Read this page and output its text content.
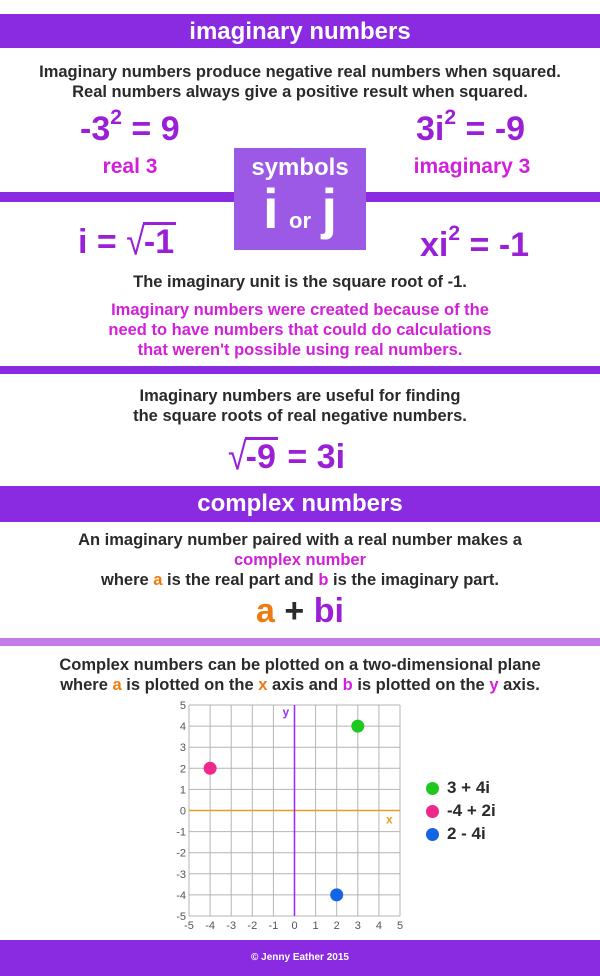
imaginary numbers
Imaginary numbers produce negative real numbers when squared.
Real numbers always give a positive result when squared.
$-3^2 = 9$
real 3
$3i^2 = -9$
imaginary 3
symbols
i or j
i = √-1	$xi^2 = -1$
The imaginary unit is the square root of -1.
Imaginary numbers were created because of the
need to have numbers that could do calculations
that weren't possible using real numbers.
Imaginary numbers are useful for finding
the square roots of real negative numbers.
√-9 = 3i
complex numbers
An imaginary number paired with a real number makes a
complex number
where a is the real part and b is the imaginary part.
a + bi
Complex numbers can be plotted on a two-dimensional plane
where a is plotted on the x axis and b is plotted on the y axis.
x
y
-5 -4 -3 -2 -1 0 1 2 3 4 5
5
4
3
2
1
0
-1
-2
-3
-4
-5
3 + 4i
-4 + 2i
2 - 4i
© Jenny Eather 2015
